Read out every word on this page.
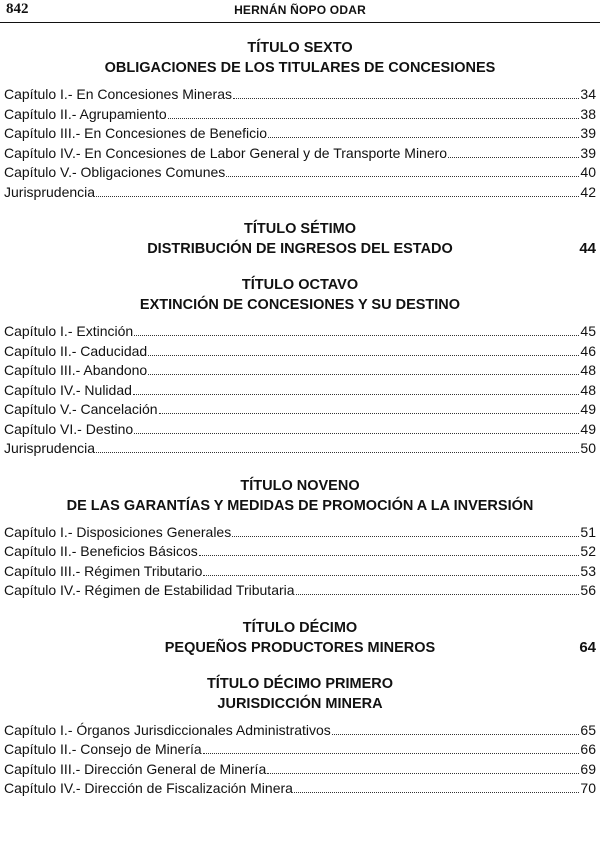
842	HERNÁN ÑOPO ODAR
TÍTULO SEXTO
OBLIGACIONES DE LOS TITULARES DE CONCESIONES
Capítulo I.- En Concesiones Mineras	34
Capítulo II.- Agrupamiento	38
Capítulo III.- En Concesiones de Beneficio	39
Capítulo IV.- En Concesiones de Labor General y de Transporte Minero	39
Capítulo V.- Obligaciones Comunes	40
Jurisprudencia	42
TÍTULO SÉTIMO
DISTRIBUCIÓN DE INGRESOS DEL ESTADO	44
TÍTULO OCTAVO
EXTINCIÓN DE CONCESIONES Y SU DESTINO
Capítulo I.- Extinción	45
Capítulo II.- Caducidad	46
Capítulo III.- Abandono	48
Capítulo IV.- Nulidad	48
Capítulo V.- Cancelación	49
Capítulo VI.- Destino	49
Jurisprudencia	50
TÍTULO NOVENO
DE LAS GARANTÍAS Y MEDIDAS DE PROMOCIÓN A LA INVERSIÓN
Capítulo I.- Disposiciones Generales	51
Capítulo II.- Beneficios Básicos	52
Capítulo III.- Régimen Tributario	53
Capítulo IV.- Régimen de Estabilidad Tributaria	56
TÍTULO DÉCIMO
PEQUEÑOS PRODUCTORES MINEROS	64
TÍTULO DÉCIMO PRIMERO
JURISDICCIÓN MINERA
Capítulo I.- Órganos Jurisdiccionales Administrativos	65
Capítulo II.- Consejo de Minería	66
Capítulo III.- Dirección General de Minería	69
Capítulo IV.- Dirección de Fiscalización Minera	70
